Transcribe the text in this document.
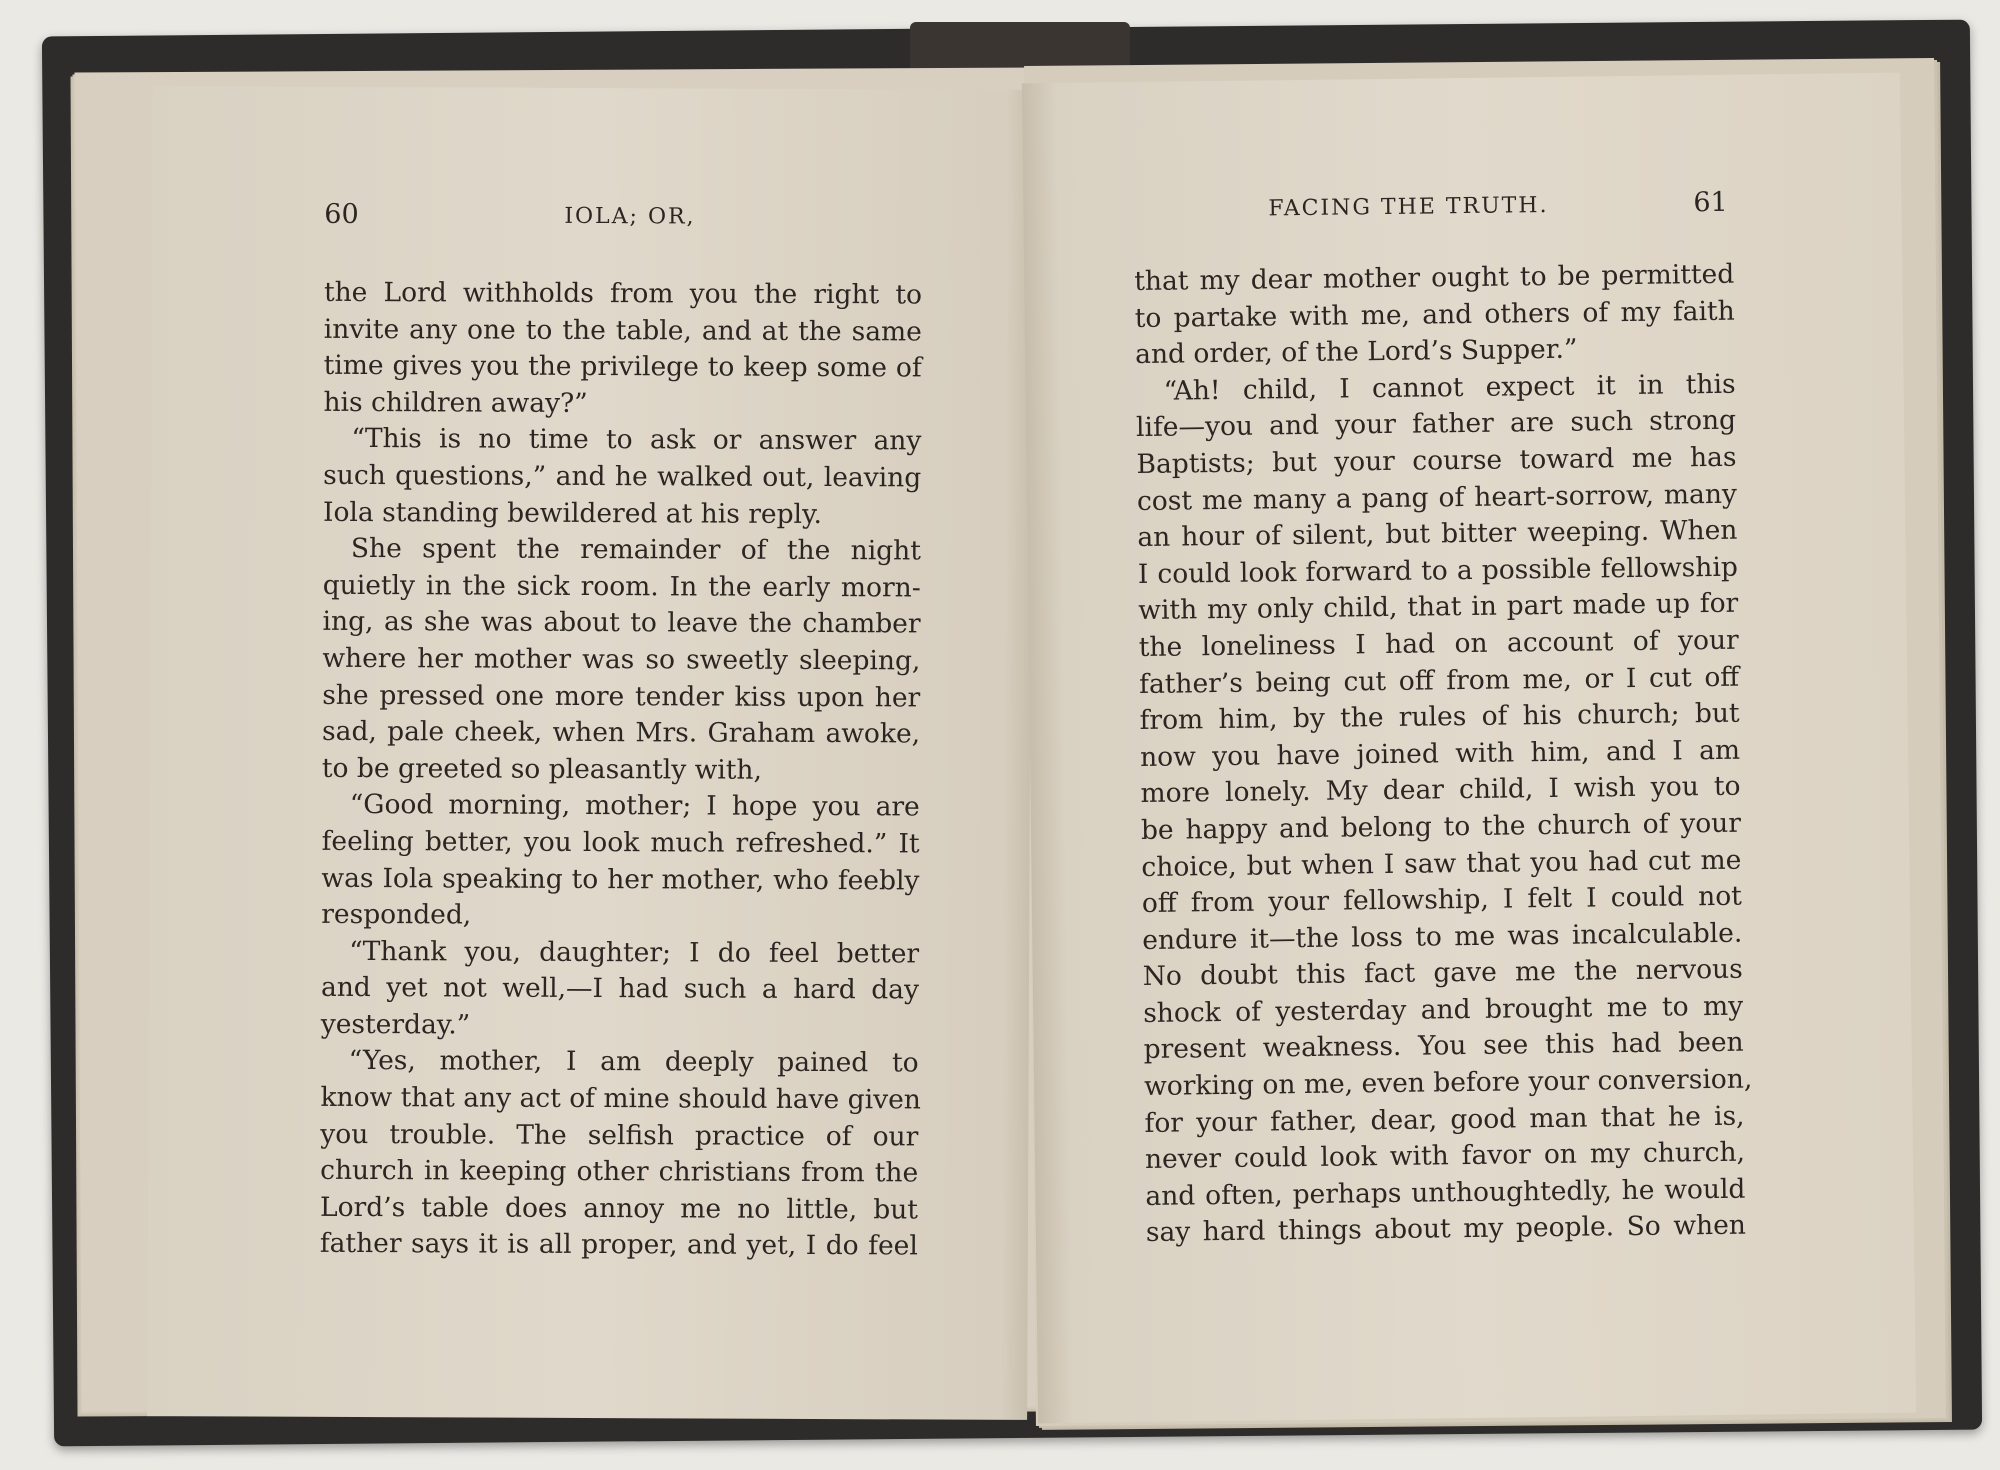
60	IOLA; OR,
the Lord withholds from you the right to
invite any one to the table, and at the same
time gives you the privilege to keep some of
his children away?”
“This is no time to ask or answer any
such questions,” and he walked out, leaving
Iola standing bewildered at his reply.
She spent the remainder of the night
quietly in the sick room. In the early morn-
ing, as she was about to leave the chamber
where her mother was so sweetly sleeping,
she pressed one more tender kiss upon her
sad, pale cheek, when Mrs. Graham awoke,
to be greeted so pleasantly with,
“Good morning, mother; I hope you are
feeling better, you look much refreshed.” It
was Iola speaking to her mother, who feebly
responded,
“Thank you, daughter; I do feel better
and yet not well,—I had such a hard day
yesterday.”
“Yes, mother, I am deeply pained to
know that any act of mine should have given
you trouble. The selfish practice of our
church in keeping other christians from the
Lord’s table does annoy me no little, but
father says it is all proper, and yet, I do feel
FACING THE TRUTH.	61
that my dear mother ought to be permitted
to partake with me, and others of my faith
and order, of the Lord’s Supper.”
“Ah! child, I cannot expect it in this
life—you and your father are such strong
Baptists; but your course toward me has
cost me many a pang of heart-sorrow, many
an hour of silent, but bitter weeping. When
I could look forward to a possible fellowship
with my only child, that in part made up for
the loneliness I had on account of your
father’s being cut off from me, or I cut off
from him, by the rules of his church; but
now you have joined with him, and I am
more lonely. My dear child, I wish you to
be happy and belong to the church of your
choice, but when I saw that you had cut me
off from your fellowship, I felt I could not
endure it—the loss to me was incalculable.
No doubt this fact gave me the nervous
shock of yesterday and brought me to my
present weakness. You see this had been
working on me, even before your conversion,
for your father, dear, good man that he is,
never could look with favor on my church,
and often, perhaps unthoughtedly, he would
say hard things about my people. So when
